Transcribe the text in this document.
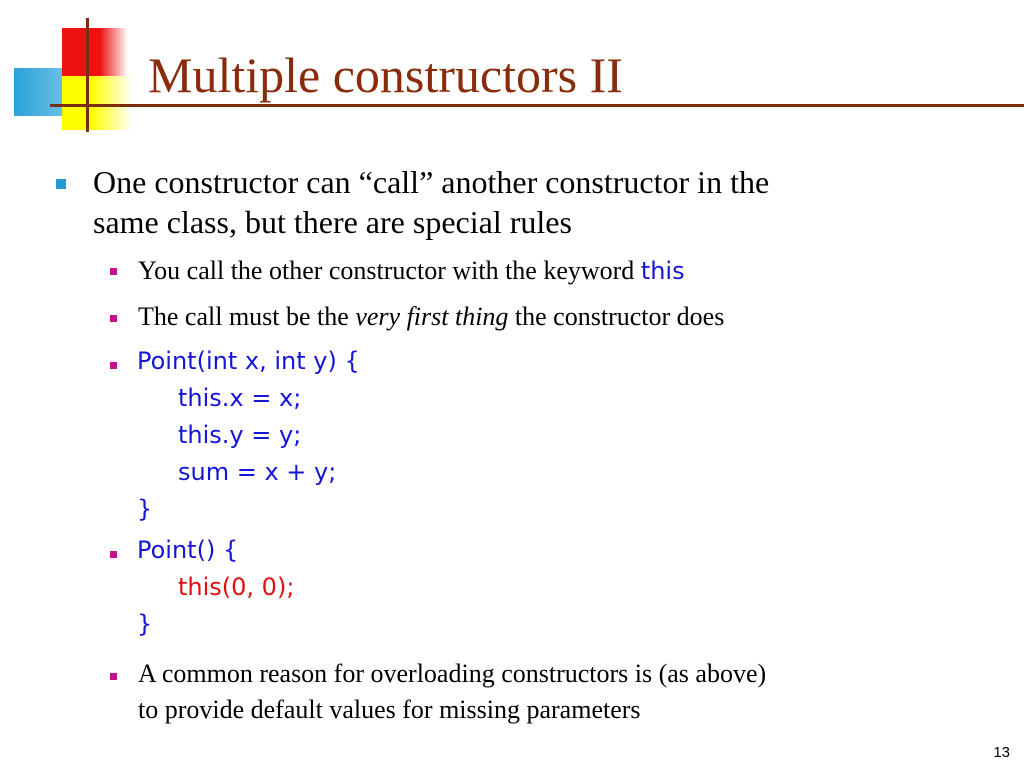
Multiple constructors II
One constructor can “call” another constructor in the
same class, but there are special rules
You call the other constructor with the keyword this
The call must be the very first thing the constructor does
Point(int x, int y) {
this.x = x;
this.y = y;
sum = x + y;
}
Point() {
this(0, 0);
}
A common reason for overloading constructors is (as above)
to provide default values for missing parameters
13
